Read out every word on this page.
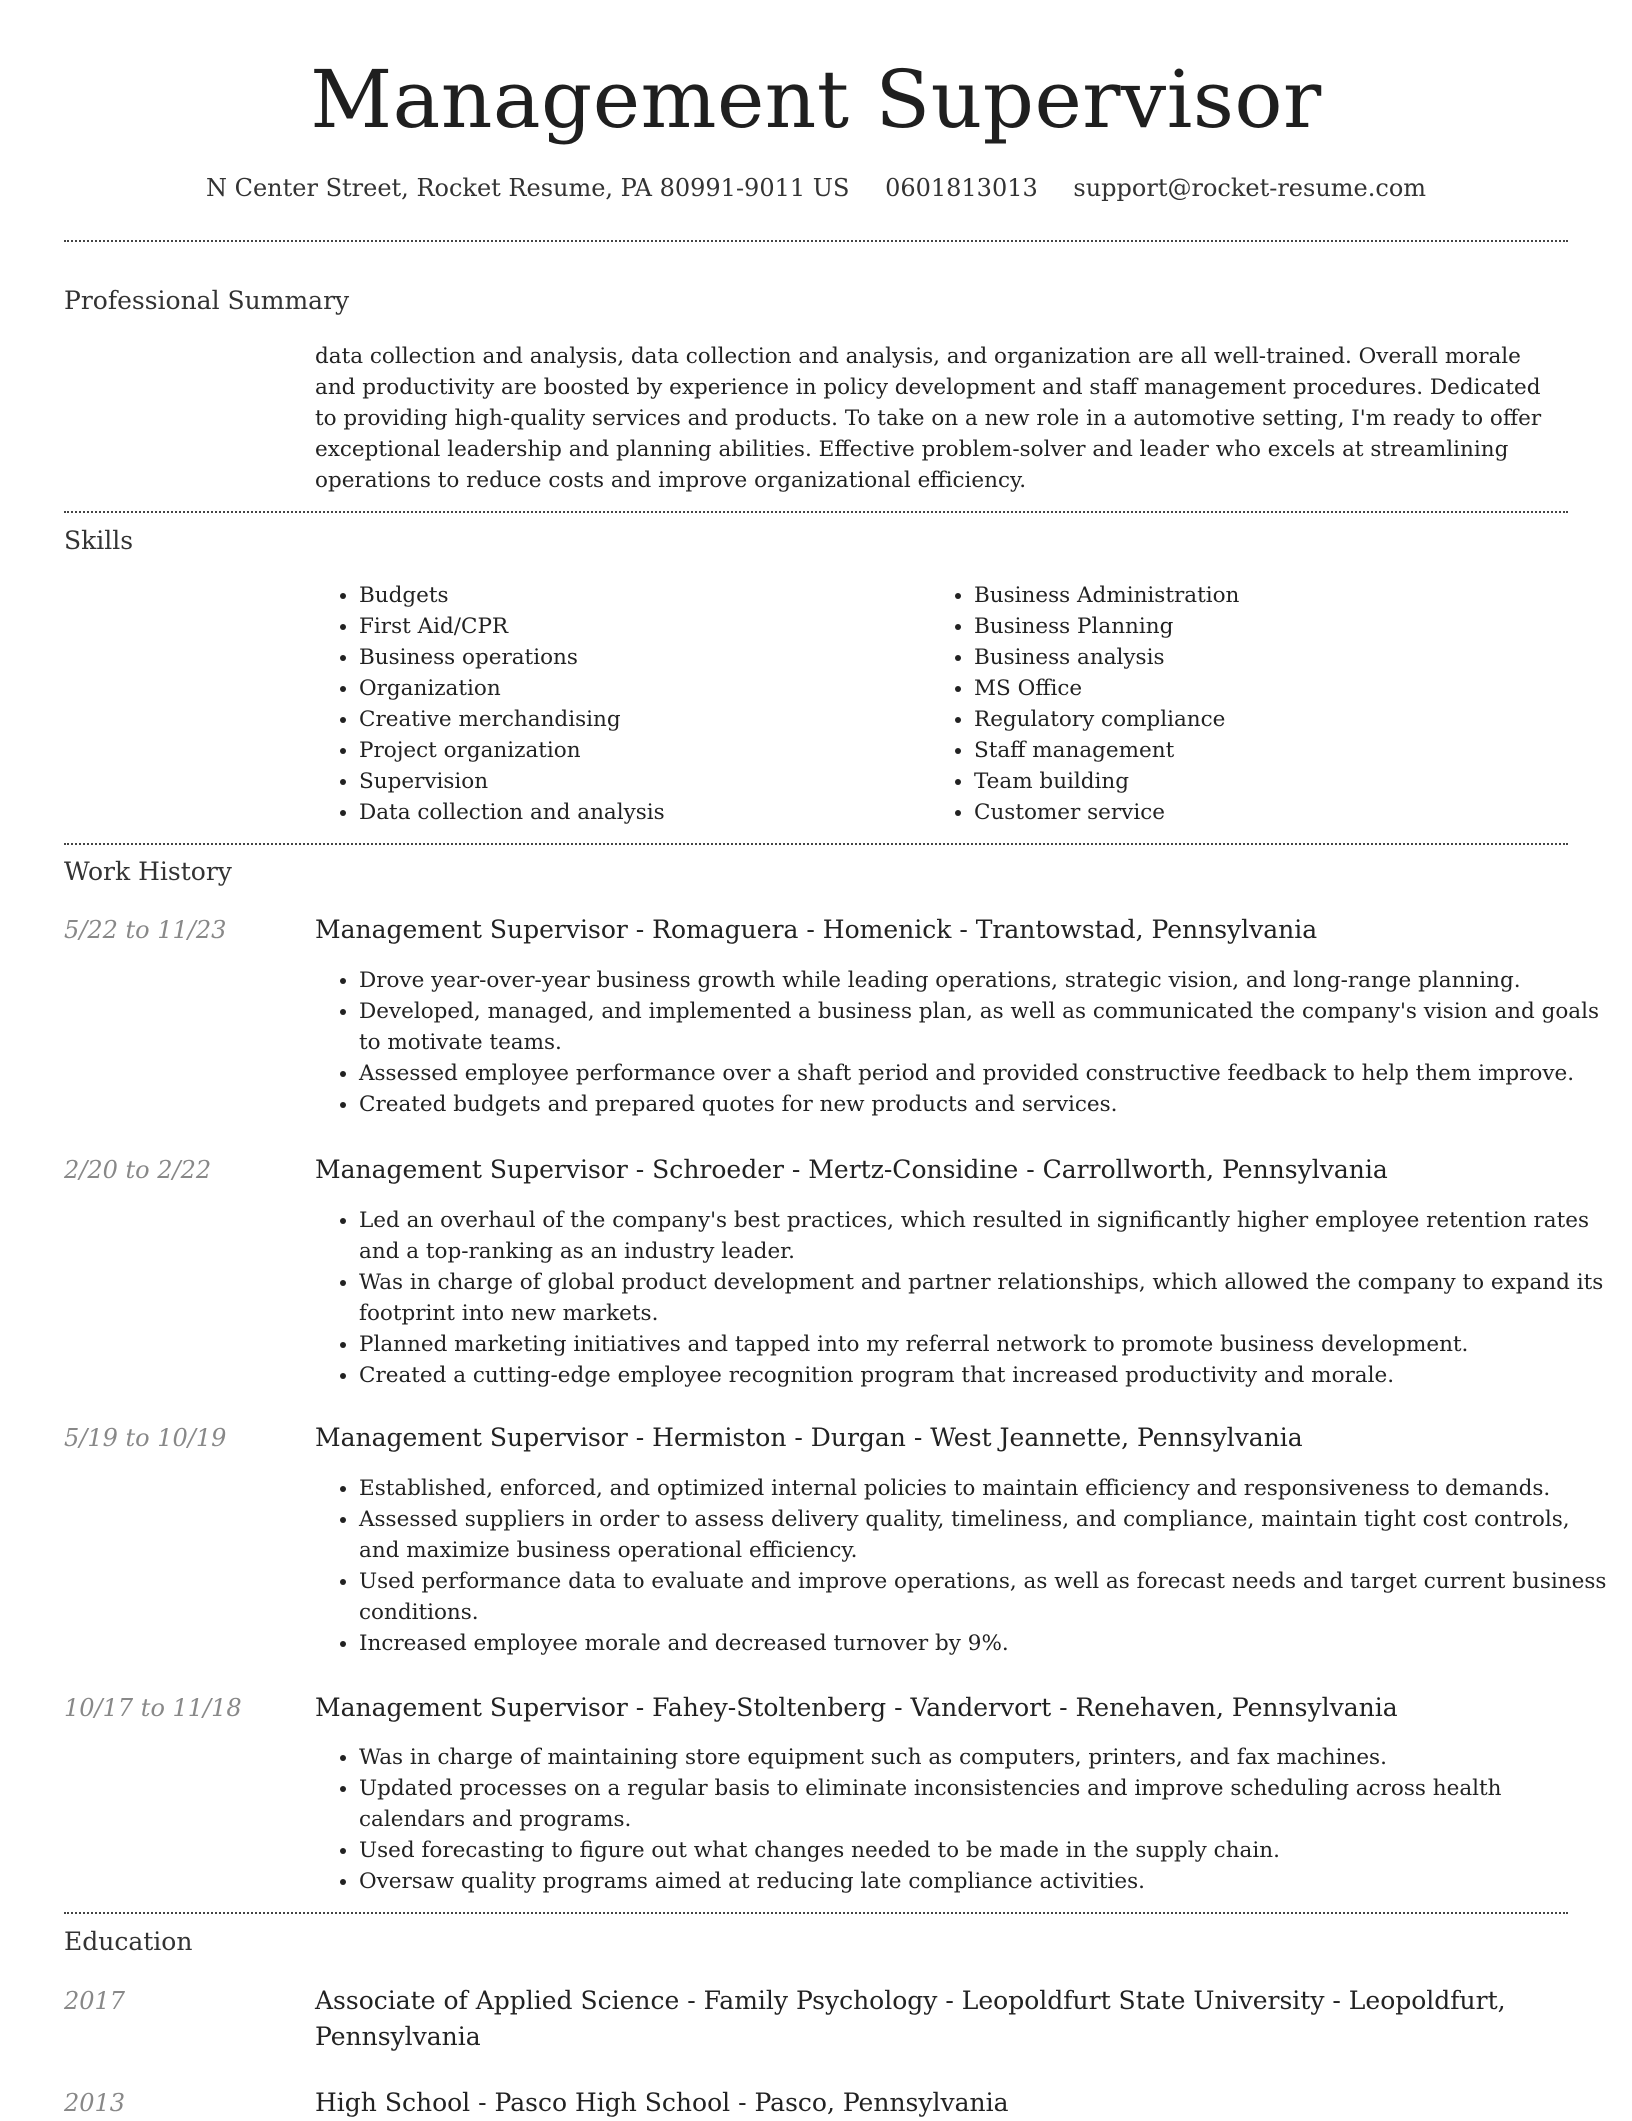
Management Supervisor
N Center Street, Rocket Resume, PA 80991-9011 US 0601813013 support@rocket-resume.com
Professional Summary

data collection and analysis, data collection and analysis, and organization are all well-trained. Overall morale and productivity are boosted by experience in policy development and staff management procedures. Dedicated to providing high-quality services and products. To take on a new role in a automotive setting, I'm ready to offer exceptional leadership and planning abilities. Effective problem-solver and leader who excels at streamlining operations to reduce costs and improve organizational efficiency.

Skills
• Budgets
• First Aid/CPR
• Business operations
• Organization
• Creative merchandising
• Project organization
• Supervision
• Data collection and analysis
• Business Administration
• Business Planning
• Business analysis
• MS Office
• Regulatory compliance
• Staff management
• Team building
• Customer service
Work History
5/22 to 11/23	Management Supervisor - Romaguera - Homenick - Trantowstad, Pennsylvania
• Drove year-over-year business growth while leading operations, strategic vision, and long-range planning.
• Developed, managed, and implemented a business plan, as well as communicated the company's vision and goals to motivate teams.
• Assessed employee performance over a shaft period and provided constructive feedback to help them improve.
• Created budgets and prepared quotes for new products and services.
2/20 to 2/22	Management Supervisor - Schroeder - Mertz-Considine - Carrollworth, Pennsylvania
• Led an overhaul of the company's best practices, which resulted in significantly higher employee retention rates and a top-ranking as an industry leader.
• Was in charge of global product development and partner relationships, which allowed the company to expand its footprint into new markets.
• Planned marketing initiatives and tapped into my referral network to promote business development.
• Created a cutting-edge employee recognition program that increased productivity and morale.
5/19 to 10/19	Management Supervisor - Hermiston - Durgan - West Jeannette, Pennsylvania
• Established, enforced, and optimized internal policies to maintain efficiency and responsiveness to demands.
• Assessed suppliers in order to assess delivery quality, timeliness, and compliance, maintain tight cost controls, and maximize business operational efficiency.
• Used performance data to evaluate and improve operations, as well as forecast needs and target current business conditions.
• Increased employee morale and decreased turnover by 9%.
10/17 to 11/18	Management Supervisor - Fahey-Stoltenberg - Vandervort - Renehaven, Pennsylvania
• Was in charge of maintaining store equipment such as computers, printers, and fax machines.
• Updated processes on a regular basis to eliminate inconsistencies and improve scheduling across health calendars and programs.
• Used forecasting to figure out what changes needed to be made in the supply chain.
• Oversaw quality programs aimed at reducing late compliance activities.
Education
2017	Associate of Applied Science - Family Psychology - Leopoldfurt State University - Leopoldfurt, Pennsylvania
2013	High School - Pasco High School - Pasco, Pennsylvania
